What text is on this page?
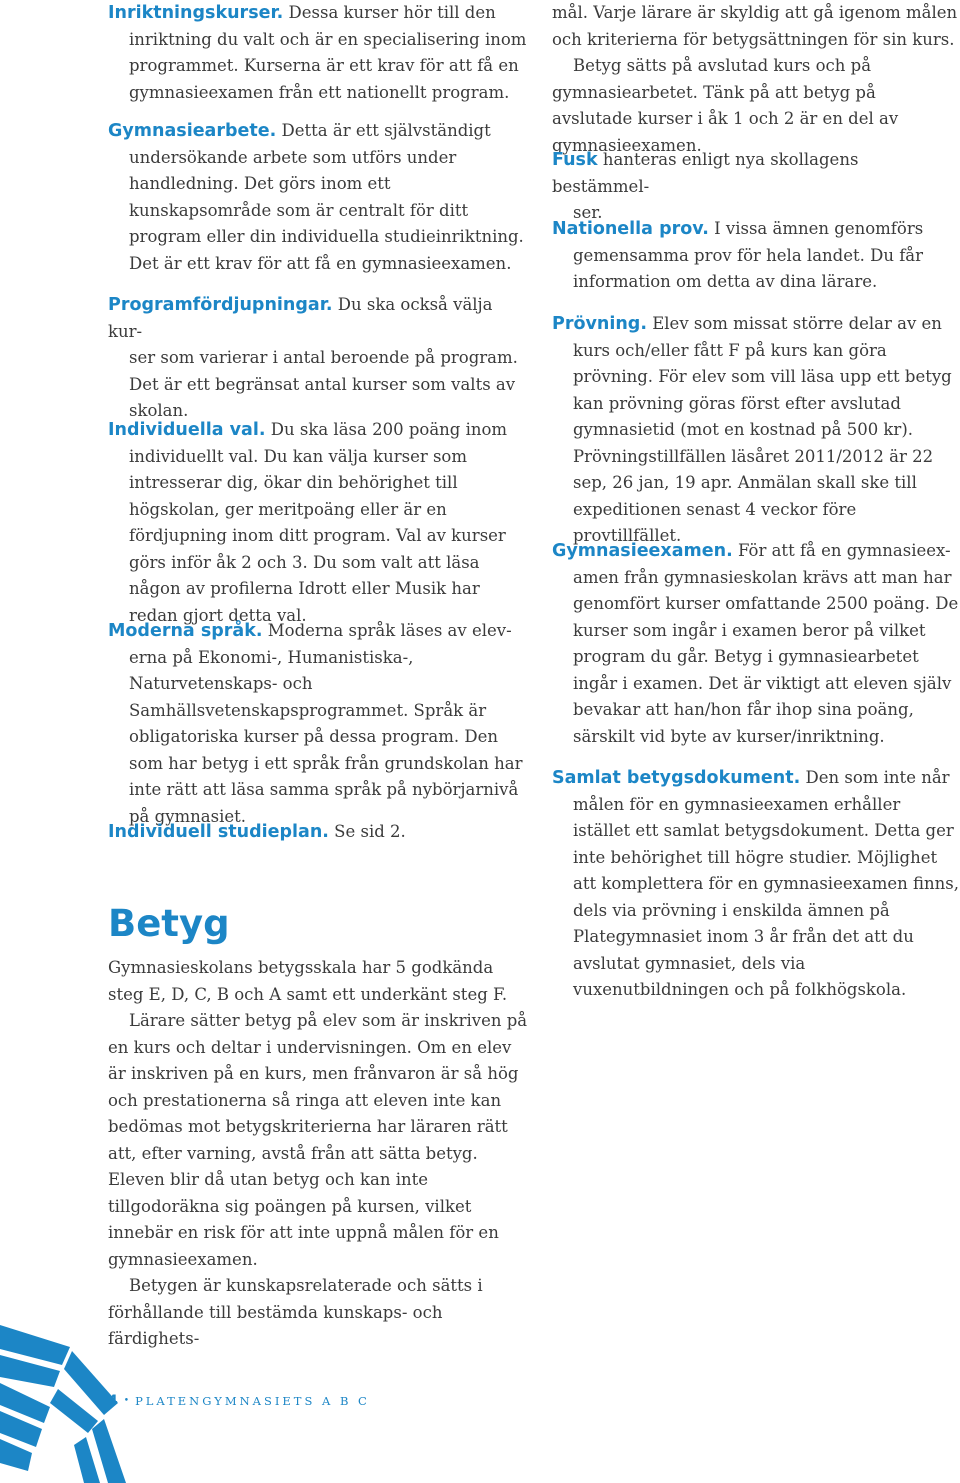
Inriktningskurser. Dessa kurser hör till den
inriktning du valt och är en specialisering inom programmet. Kurserna är ett krav för att få en gymnasieexamen från ett nationellt program.

Gymnasiearbete. Detta är ett självständigt
undersökande arbete som utförs under handledning. Det görs inom ett kunskapsområde som är centralt för ditt program eller din individuella studieinriktning. Det är ett krav för att få en gymnasieexamen.

Programfördjupningar. Du ska också välja kur-
ser som varierar i antal beroende på program. Det är ett begränsat antal kurser som valts av skolan.

Individuella val. Du ska läsa 200 poäng inom
individuellt val. Du kan välja kurser som intresserar dig, ökar din behörighet till högskolan, ger meritpoäng eller är en fördjupning inom ditt program. Val av kurser görs inför åk 2 och 3. Du som valt att läsa någon av profilerna Idrott eller Musik har redan gjort detta val.

Moderna språk. Moderna språk läses av elev-
erna på Ekonomi-, Humanistiska-, Naturvetenskaps- och Samhällsvetenskapsprogrammet. Språk är obligatoriska kurser på dessa program. Den som har betyg i ett språk från grundskolan har inte rätt att läsa samma språk på nybörjarnivå på gymnasiet.

Individuell studieplan. Se sid 2.

Betyg

Gymnasieskolans betygsskala har 5 godkända steg E, D, C, B och A samt ett underkänt steg F.

Lärare sätter betyg på elev som är inskriven på en kurs och deltar i undervisningen. Om en elev är inskriven på en kurs, men frånvaron är så hög och prestationerna så ringa att eleven inte kan bedömas mot betygskriterierna har läraren rätt att, efter varning, avstå från att sätta betyg. Eleven blir då utan betyg och kan inte tillgodoräkna sig poängen på kursen, vilket innebär en risk för att inte uppnå målen för en gymnasieexamen.

Betygen är kunskapsrelaterade och sätts i förhållande till bestämda kunskaps- och färdighets-

mål. Varje lärare är skyldig att gå igenom målen och kriterierna för betygsättningen för sin kurs.

Betyg sätts på avslutad kurs och på gymnasiearbetet. Tänk på att betyg på avslutade kurser i åk 1 och 2 är en del av gymnasieexamen.

Fusk hanteras enligt nya skollagens bestämmel-
ser.

Nationella prov. I vissa ämnen genomförs
gemensamma prov för hela landet. Du får information om detta av dina lärare.

Prövning. Elev som missat större delar av en
kurs och/eller fått F på kurs kan göra prövning. För elev som vill läsa upp ett betyg kan prövning göras först efter avslutad gymnasietid (mot en kostnad på 500 kr). Prövningstillfällen läsåret 2011/2012 är 22 sep, 26 jan, 19 apr. Anmälan skall ske till expeditionen senast 4 veckor före provtillfället.

Gymnasieexamen. För att få en gymnasieex-
amen från gymnasieskolan krävs att man har genomfört kurser omfattande 2500 poäng. De kurser som ingår i examen beror på vilket program du går. Betyg i gymnasiearbetet ingår i examen. Det är viktigt att eleven själv bevakar att han/hon får ihop sina poäng, särskilt vid byte av kurser/inriktning.

Samlat betygsdokument. Den som inte når
målen för en gymnasieexamen erhåller istället ett samlat betygsdokument. Detta ger inte behörighet till högre studier. Möjlighet att komplettera för en gymnasieexamen finns, dels via prövning i enskilda ämnen på Plategymnasiet inom 3 år från det att du avslutat gymnasiet, dels via vuxenutbildningen och på folkhögskola.

4 • PLATENGYMNASIETS A B C
